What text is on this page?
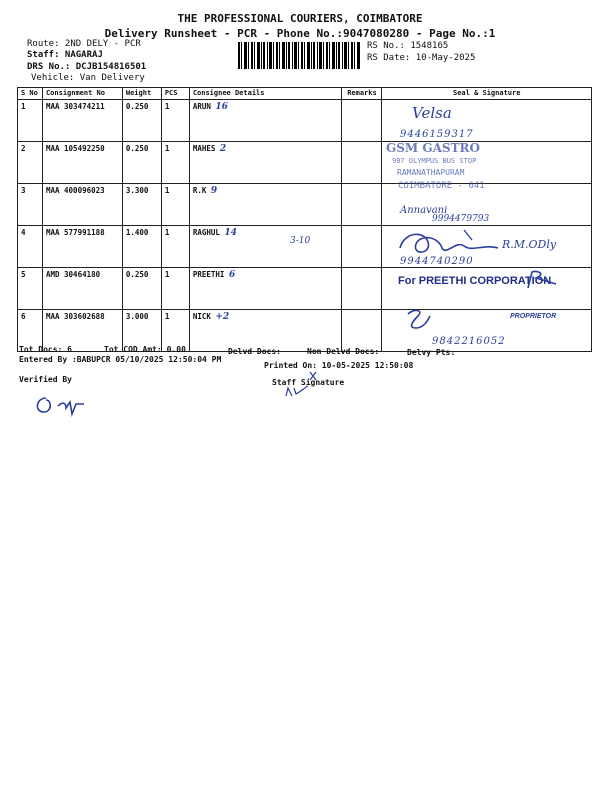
THE PROFESSIONAL COURIERS, COIMBATORE
Delivery Runsheet - PCR - Phone No.:9047080280 - Page No.:1
Route: 2ND DELY - PCR
Staff: NAGARAJ
DRS No.: DCJB154816501
Vehicle: Van Delivery
RS No.: 1548165
RS Date: 10-May-2025
S No	Consignment No	Weight	PCS	Consignee Details	Remarks	Seal & Signature
1	MAA 303474211	0.250	1	ARUN 16		
2	MAA 105492250	0.250	1	MAHES 2		
3	MAA 400096023	3.300	1	R.K 9		
4	MAA 577991188	1.400	1	RAGHUL 14		
5	AMD 30464180	0.250	1	PREETHI 6		
6	MAA 303602688	3.000	1	NICK +2		
Velsa
9446159317
GSM GASTRO
987 OLYMPUS BUS STOP
RAMANATHAPURAM
COIMBATORE - 641
Annavani
9994479793
3-10	R.M.ODly
9944740290
For PREETHI CORPORATION
PROPRIETOR
9842216052
Tot Docs: 6	Tot COD Amt: 0.00	Delvd Docs:	Non Delvd Docs:	Delvy Pts:
Entered By :BABUPCR 05/10/2025 12:50:04 PM
Printed On: 10-05-2025 12:50:08
Verified By	Staff Signature
